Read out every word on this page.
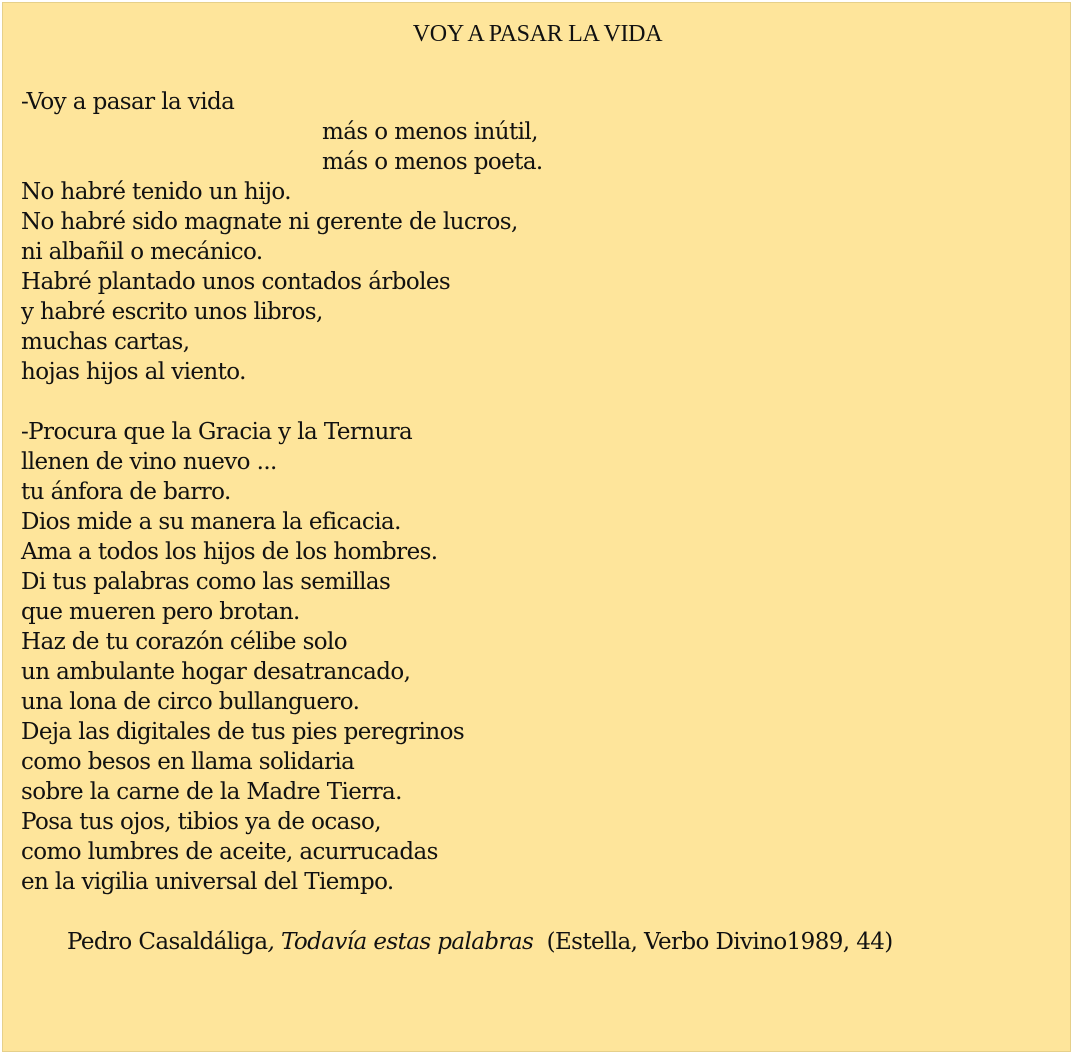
VOY A PASAR LA VIDA
-Voy a pasar la vida
más o menos inútil,
más o menos poeta.
No habré tenido un hijo.
No habré sido magnate ni gerente de lucros,
ni albañil o mecánico.
Habré plantado unos contados árboles
y habré escrito unos libros,
muchas cartas,
hojas hijos al viento.
-Procura que la Gracia y la Ternura
llenen de vino nuevo ...
tu ánfora de barro.
Dios mide a su manera la eficacia.
Ama a todos los hijos de los hombres.
Di tus palabras como las semillas
que mueren pero brotan.
Haz de tu corazón célibe solo
un ambulante hogar desatrancado,
una lona de circo bullanguero.
Deja las digitales de tus pies peregrinos
como besos en llama solidaria
sobre la carne de la Madre Tierra.
Posa tus ojos, tibios ya de ocaso,
como lumbres de aceite, acurrucadas
en la vigilia universal del Tiempo.
Pedro Casaldáliga, Todavía estas palabras  (Estella, Verbo Divino1989, 44)
